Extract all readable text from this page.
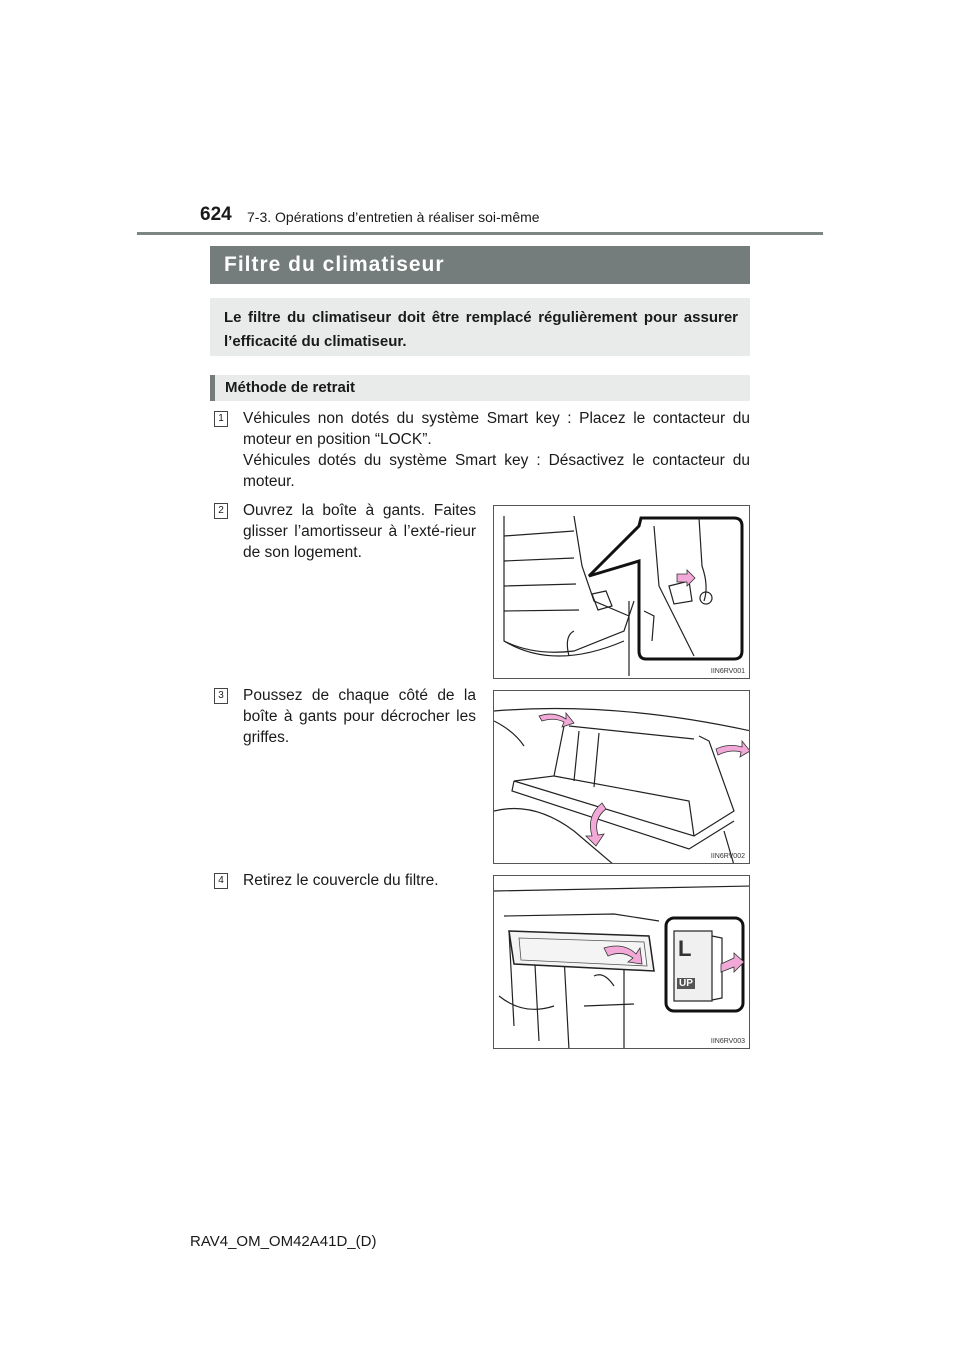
624 7-3. Opérations d’entretien à réaliser soi-même
Filtre du climatiseur
Le filtre du climatiseur doit être remplacé régulièrement pour assurer l’efficacité du climatiseur.
Méthode de retrait
1 Véhicules non dotés du système Smart key : Placez le contacteur du moteur en position “LOCK”.
Véhicules dotés du système Smart key : Désactivez le contacteur du moteur.
2 Ouvrez la boîte à gants. Faites glisser l’amortisseur à l’exté-rieur de son logement.
IIN6RV001
3 Poussez de chaque côté de la boîte à gants pour décrocher les griffes.
IIN6RV002
4 Retirez le couvercle du filtre.
L
UP
IIN6RV003
RAV4_OM_OM42A41D_(D)
